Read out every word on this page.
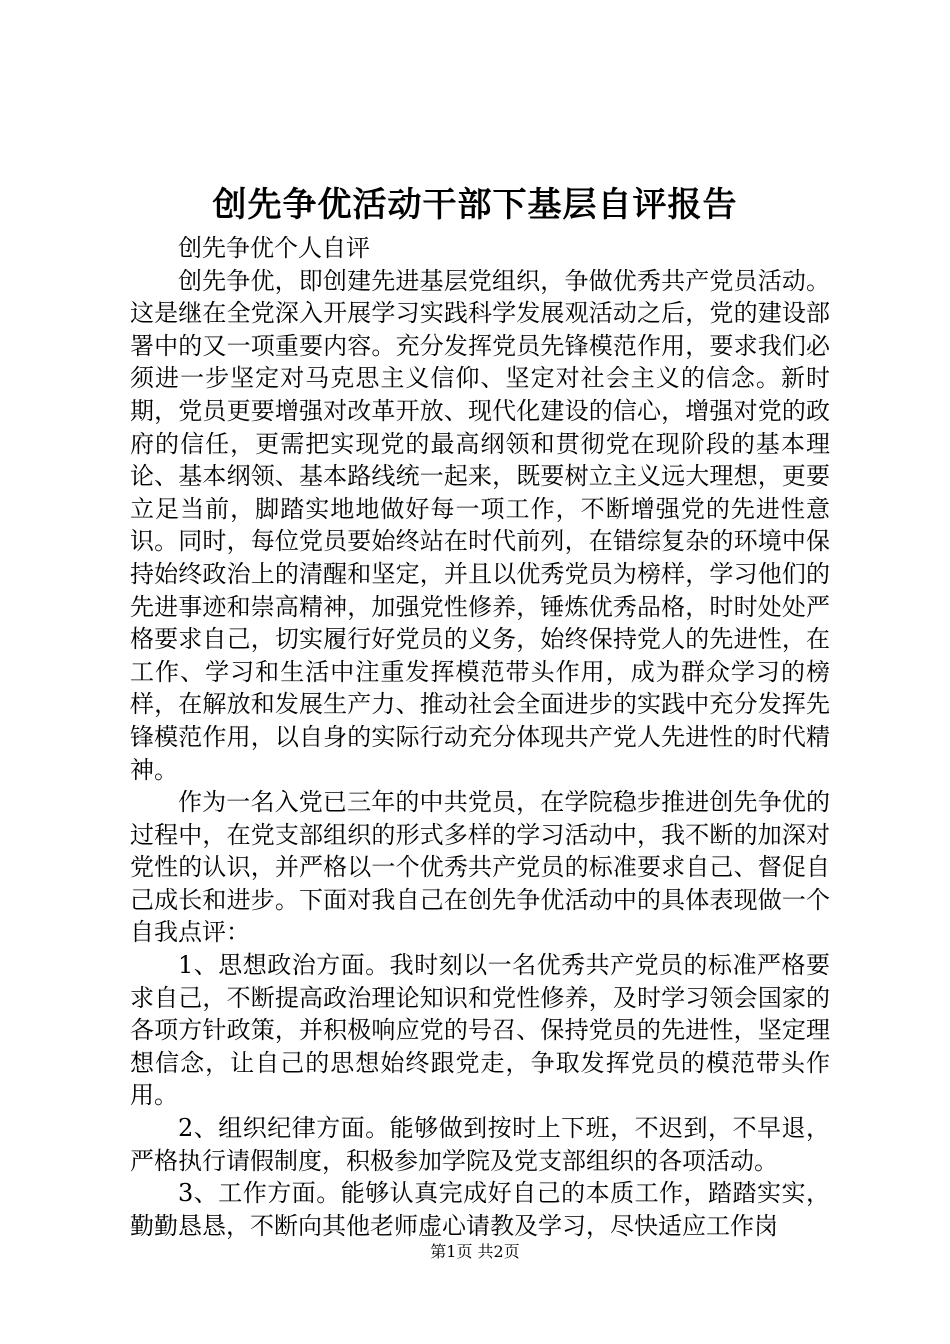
创先争优活动干部下基层自评报告

创先争优个人自评

创先争优，即创建先进基层党组织，争做优秀共产党员活动。这是继在全党深入开展学习实践科学发展观活动之后，党的建设部署中的又一项重要内容。充分发挥党员先锋模范作用，要求我们必须进一步坚定对马克思主义信仰、坚定对社会主义的信念。新时期，党员更要增强对改革开放、现代化建设的信心，增强对党的政府的信任，更需把实现党的最高纲领和贯彻党在现阶段的基本理论、基本纲领、基本路线统一起来，既要树立主义远大理想，更要立足当前，脚踏实地地做好每一项工作，不断增强党的先进性意识。同时，每位党员要始终站在时代前列，在错综复杂的环境中保持始终政治上的清醒和坚定，并且以优秀党员为榜样，学习他们的先进事迹和崇高精神，加强党性修养，锤炼优秀品格，时时处处严格要求自己，切实履行好党员的义务，始终保持党人的先进性，在工作、学习和生活中注重发挥模范带头作用，成为群众学习的榜样，在解放和发展生产力、推动社会全面进步的实践中充分发挥先锋模范作用，以自身的实际行动充分体现共产党人先进性的时代精神。

作为一名入党已三年的中共党员，在学院稳步推进创先争优的过程中，在党支部组织的形式多样的学习活动中，我不断的加深对党性的认识，并严格以一个优秀共产党员的标准要求自己、督促自己成长和进步。下面对我自己在创先争优活动中的具体表现做一个自我点评：

1、思想政治方面。我时刻以一名优秀共产党员的标准严格要求自己，不断提高政治理论知识和党性修养，及时学习领会国家的各项方针政策，并积极响应党的号召、保持党员的先进性，坚定理想信念，让自己的思想始终跟党走，争取发挥党员的模范带头作用。

2、组织纪律方面。能够做到按时上下班，不迟到，不早退，严格执行请假制度，积极参加学院及党支部组织的各项活动。

3、工作方面。能够认真完成好自己的本质工作，踏踏实实，勤勤恳恳，不断向其他老师虚心请教及学习，尽快适应工作岗

第1页 共2页
